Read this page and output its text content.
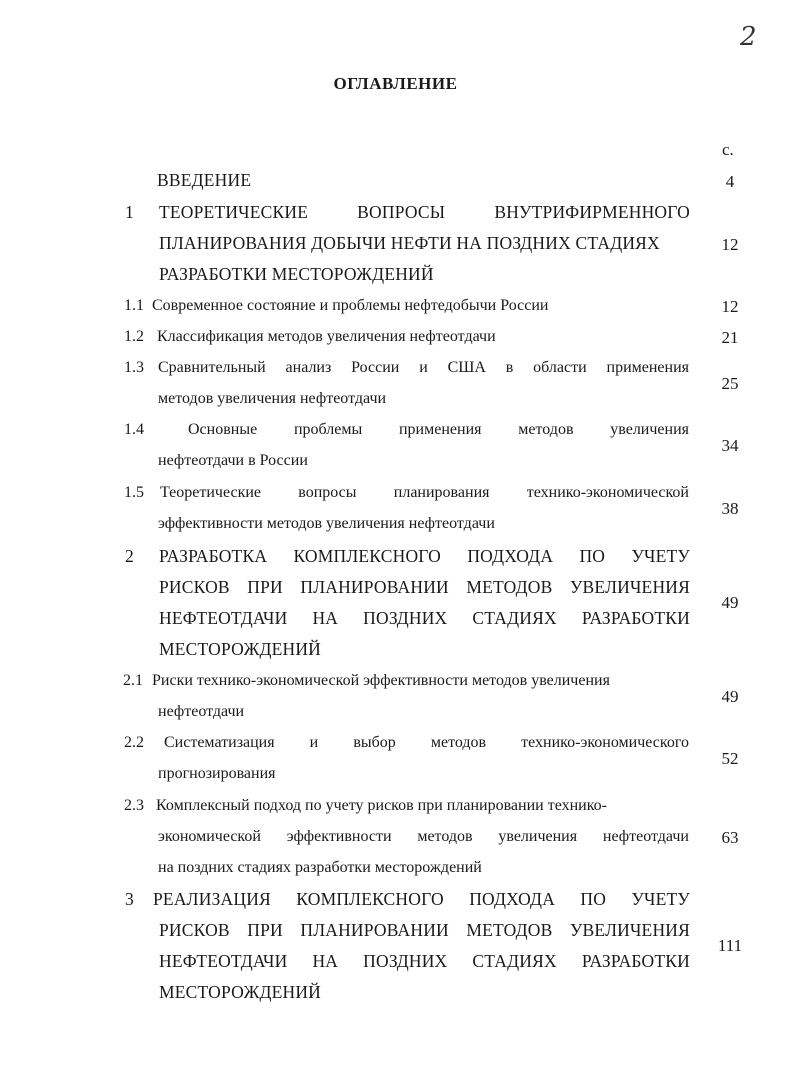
2
ОГЛАВЛЕНИЕ
с.
ВВЕДЕНИЕ	4
1 ТЕОРЕТИЧЕСКИЕ ВОПРОСЫ ВНУТРИФИРМЕННОГО
ПЛАНИРОВАНИЯ ДОБЫЧИ НЕФТИ НА ПОЗДНИХ СТАДИЯХ
РАЗРАБОТКИ МЕСТОРОЖДЕНИЙ
12
1.1 Современное состояние и проблемы нефтедобычи России	12
1.2 Классификация методов увеличения нефтеотдачи	21
1.3 Сравнительный анализ России и США в области применения
методов увеличения нефтеотдачи
25
1.4	Основные проблемы применения методов увеличения
нефтеотдачи в России
34
1.5 Теоретические вопросы планирования технико-экономической
эффективности методов увеличения нефтеотдачи
38
2 РАЗРАБОТКА КОМПЛЕКСНОГО ПОДХОДА ПО УЧЕТУ
РИСКОВ ПРИ ПЛАНИРОВАНИИ МЕТОДОВ УВЕЛИЧЕНИЯ
НЕФТЕОТДАЧИ НА ПОЗДНИХ СТАДИЯХ РАЗРАБОТКИ
МЕСТОРОЖДЕНИЙ
49
2.1 Риски технико-экономической эффективности методов увеличения
нефтеотдачи
49
2.2 Систематизация и выбор методов технико-экономического
прогнозирования
52
2.3 Комплексный подход по учету рисков при планировании технико-
экономической эффективности методов увеличения нефтеотдачи
на поздних стадиях разработки месторождений
63
3 РЕАЛИЗАЦИЯ КОМПЛЕКСНОГО ПОДХОДА ПО УЧЕТУ
РИСКОВ ПРИ ПЛАНИРОВАНИИ МЕТОДОВ УВЕЛИЧЕНИЯ
НЕФТЕОТДАЧИ НА ПОЗДНИХ СТАДИЯХ РАЗРАБОТКИ
МЕСТОРОЖДЕНИЙ
111
